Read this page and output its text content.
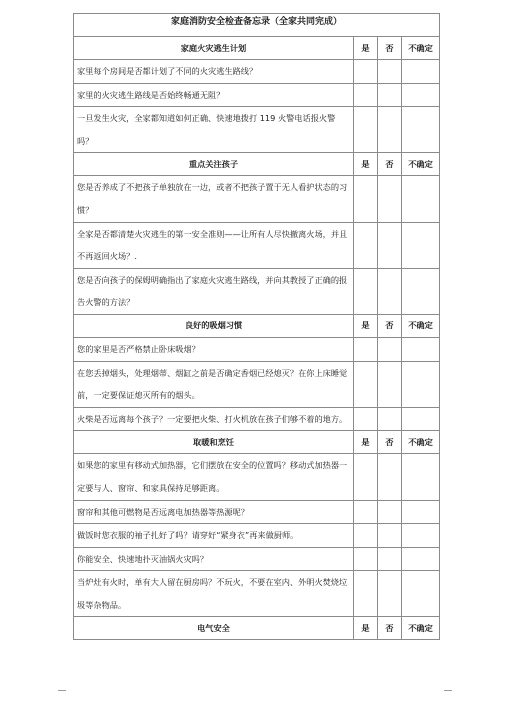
家庭消防安全检查备忘录（全家共同完成）			
家庭火灾逃生计划	是	否	不确定
家里每个房间是否都计划了不同的火灾逃生路线？			
家里的火灾逃生路线是否始终畅通无阻？			
一旦发生火灾，全家都知道如何正确、快速地拨打 119 火警电话报火警吗？			
重点关注孩子	是	否	不确定
您是否养成了不把孩子单独放在一边，或者不把孩子置于无人看护状态的习惯？			
全家是否都清楚火灾逃生的第一安全准则——让所有人尽快撤离火场，并且不再返回火场？.			
您是否向孩子的保姆明确指出了家庭火灾逃生路线，并向其教授了正确的报告火警的方法？			
良好的吸烟习惯	是	否	不确定
您的家里是否严格禁止卧床吸烟？			
在您丢掉烟头，处理烟蒂、烟缸之前是否确定香烟已经熄灭？在你上床睡觉前，一定要保证熄灭所有的烟头。			
火柴是否远离每个孩子？一定要把火柴、打火机放在孩子们够不着的地方。			
取暖和烹饪	是	否	不确定
如果您的家里有移动式加热器，它们摆放在安全的位置吗？移动式加热器一定要与人、窗帘、和家具保持足够距离。			
窗帘和其他可燃物是否远离电加热器等热源呢？			
做饭时您衣服的袖子扎好了吗？请穿好“紧身衣”再来做厨师。			
你能安全、快速地扑灭油锅火灾吗？			
当炉灶有火时，单有大人留在厨房吗？不玩火，不要在室内、外明火焚烧垃圾等杂物品。			
电气安全	是	否	不确定
